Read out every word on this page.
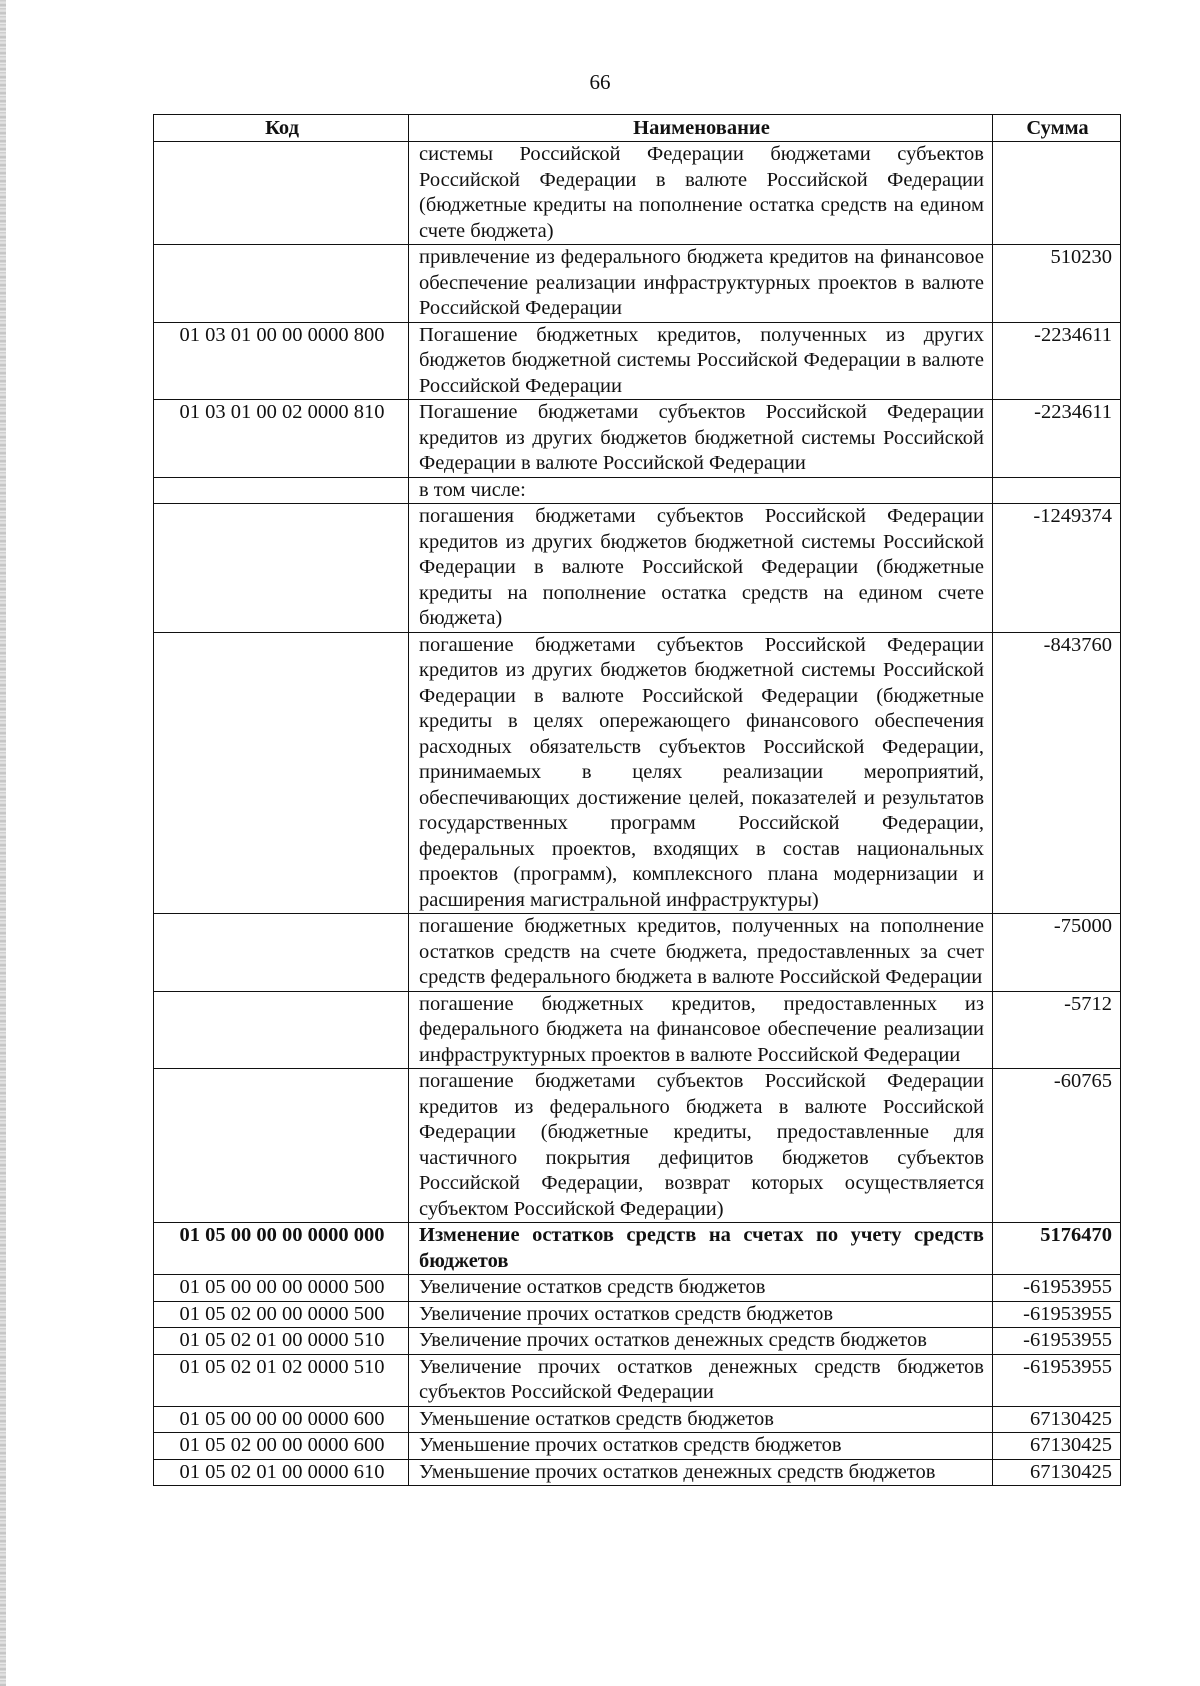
66
Код	Наименование	Сумма
	системы Российской Федерации бюджетами субъектов Российской Федерации в валюте Российской Федерации (бюджетные кредиты на пополнение остатка средств на едином счете бюджета)	
	привлечение из федерального бюджета кредитов на финансовое обеспечение реализации инфраструктурных проектов в валюте Российской Федерации	510230
01 03 01 00 00 0000 800	Погашение бюджетных кредитов, полученных из других бюджетов бюджетной системы Российской Федерации в валюте Российской Федерации	-2234611
01 03 01 00 02 0000 810	Погашение бюджетами субъектов Российской Федерации кредитов из других бюджетов бюджетной системы Российской Федерации в валюте Российской Федерации	-2234611
	в том числе:	
	погашения бюджетами субъектов Российской Федерации кредитов из других бюджетов бюджетной системы Российской Федерации в валюте Российской Федерации (бюджетные кредиты на пополнение остатка средств на едином счете бюджета)	-1249374
	погашение бюджетами субъектов Российской Федерации кредитов из других бюджетов бюджетной системы Российской Федерации в валюте Российской Федерации (бюджетные кредиты в целях опережающего финансового обеспечения расходных обязательств субъектов Российской Федерации, принимаемых в целях реализации мероприятий, обеспечивающих достижение целей, показателей и результатов государственных программ Российской Федерации, федеральных проектов, входящих в состав национальных проектов (программ), комплексного плана модернизации и расширения магистральной инфраструктуры)	-843760
	погашение бюджетных кредитов, полученных на пополнение остатков средств на счете бюджета, предоставленных за счет средств федерального бюджета в валюте Российской Федерации	-75000
	погашение бюджетных кредитов, предоставленных из федерального бюджета на финансовое обеспечение реализации инфраструктурных проектов в валюте Российской Федерации	-5712
	погашение бюджетами субъектов Российской Федерации кредитов из федерального бюджета в валюте Российской Федерации (бюджетные кредиты, предоставленные для частичного покрытия дефицитов бюджетов субъектов Российской Федерации, возврат которых осуществляется субъектом Российской Федерации)	-60765
01 05 00 00 00 0000 000	Изменение остатков средств на счетах по учету средств бюджетов	5176470
01 05 00 00 00 0000 500	Увеличение остатков средств бюджетов	-61953955
01 05 02 00 00 0000 500	Увеличение прочих остатков средств бюджетов	-61953955
01 05 02 01 00 0000 510	Увеличение прочих остатков денежных средств бюджетов	-61953955
01 05 02 01 02 0000 510	Увеличение прочих остатков денежных средств бюджетов субъектов Российской Федерации	-61953955
01 05 00 00 00 0000 600	Уменьшение остатков средств бюджетов	67130425
01 05 02 00 00 0000 600	Уменьшение прочих остатков средств бюджетов	67130425
01 05 02 01 00 0000 610	Уменьшение прочих остатков денежных средств бюджетов	67130425
